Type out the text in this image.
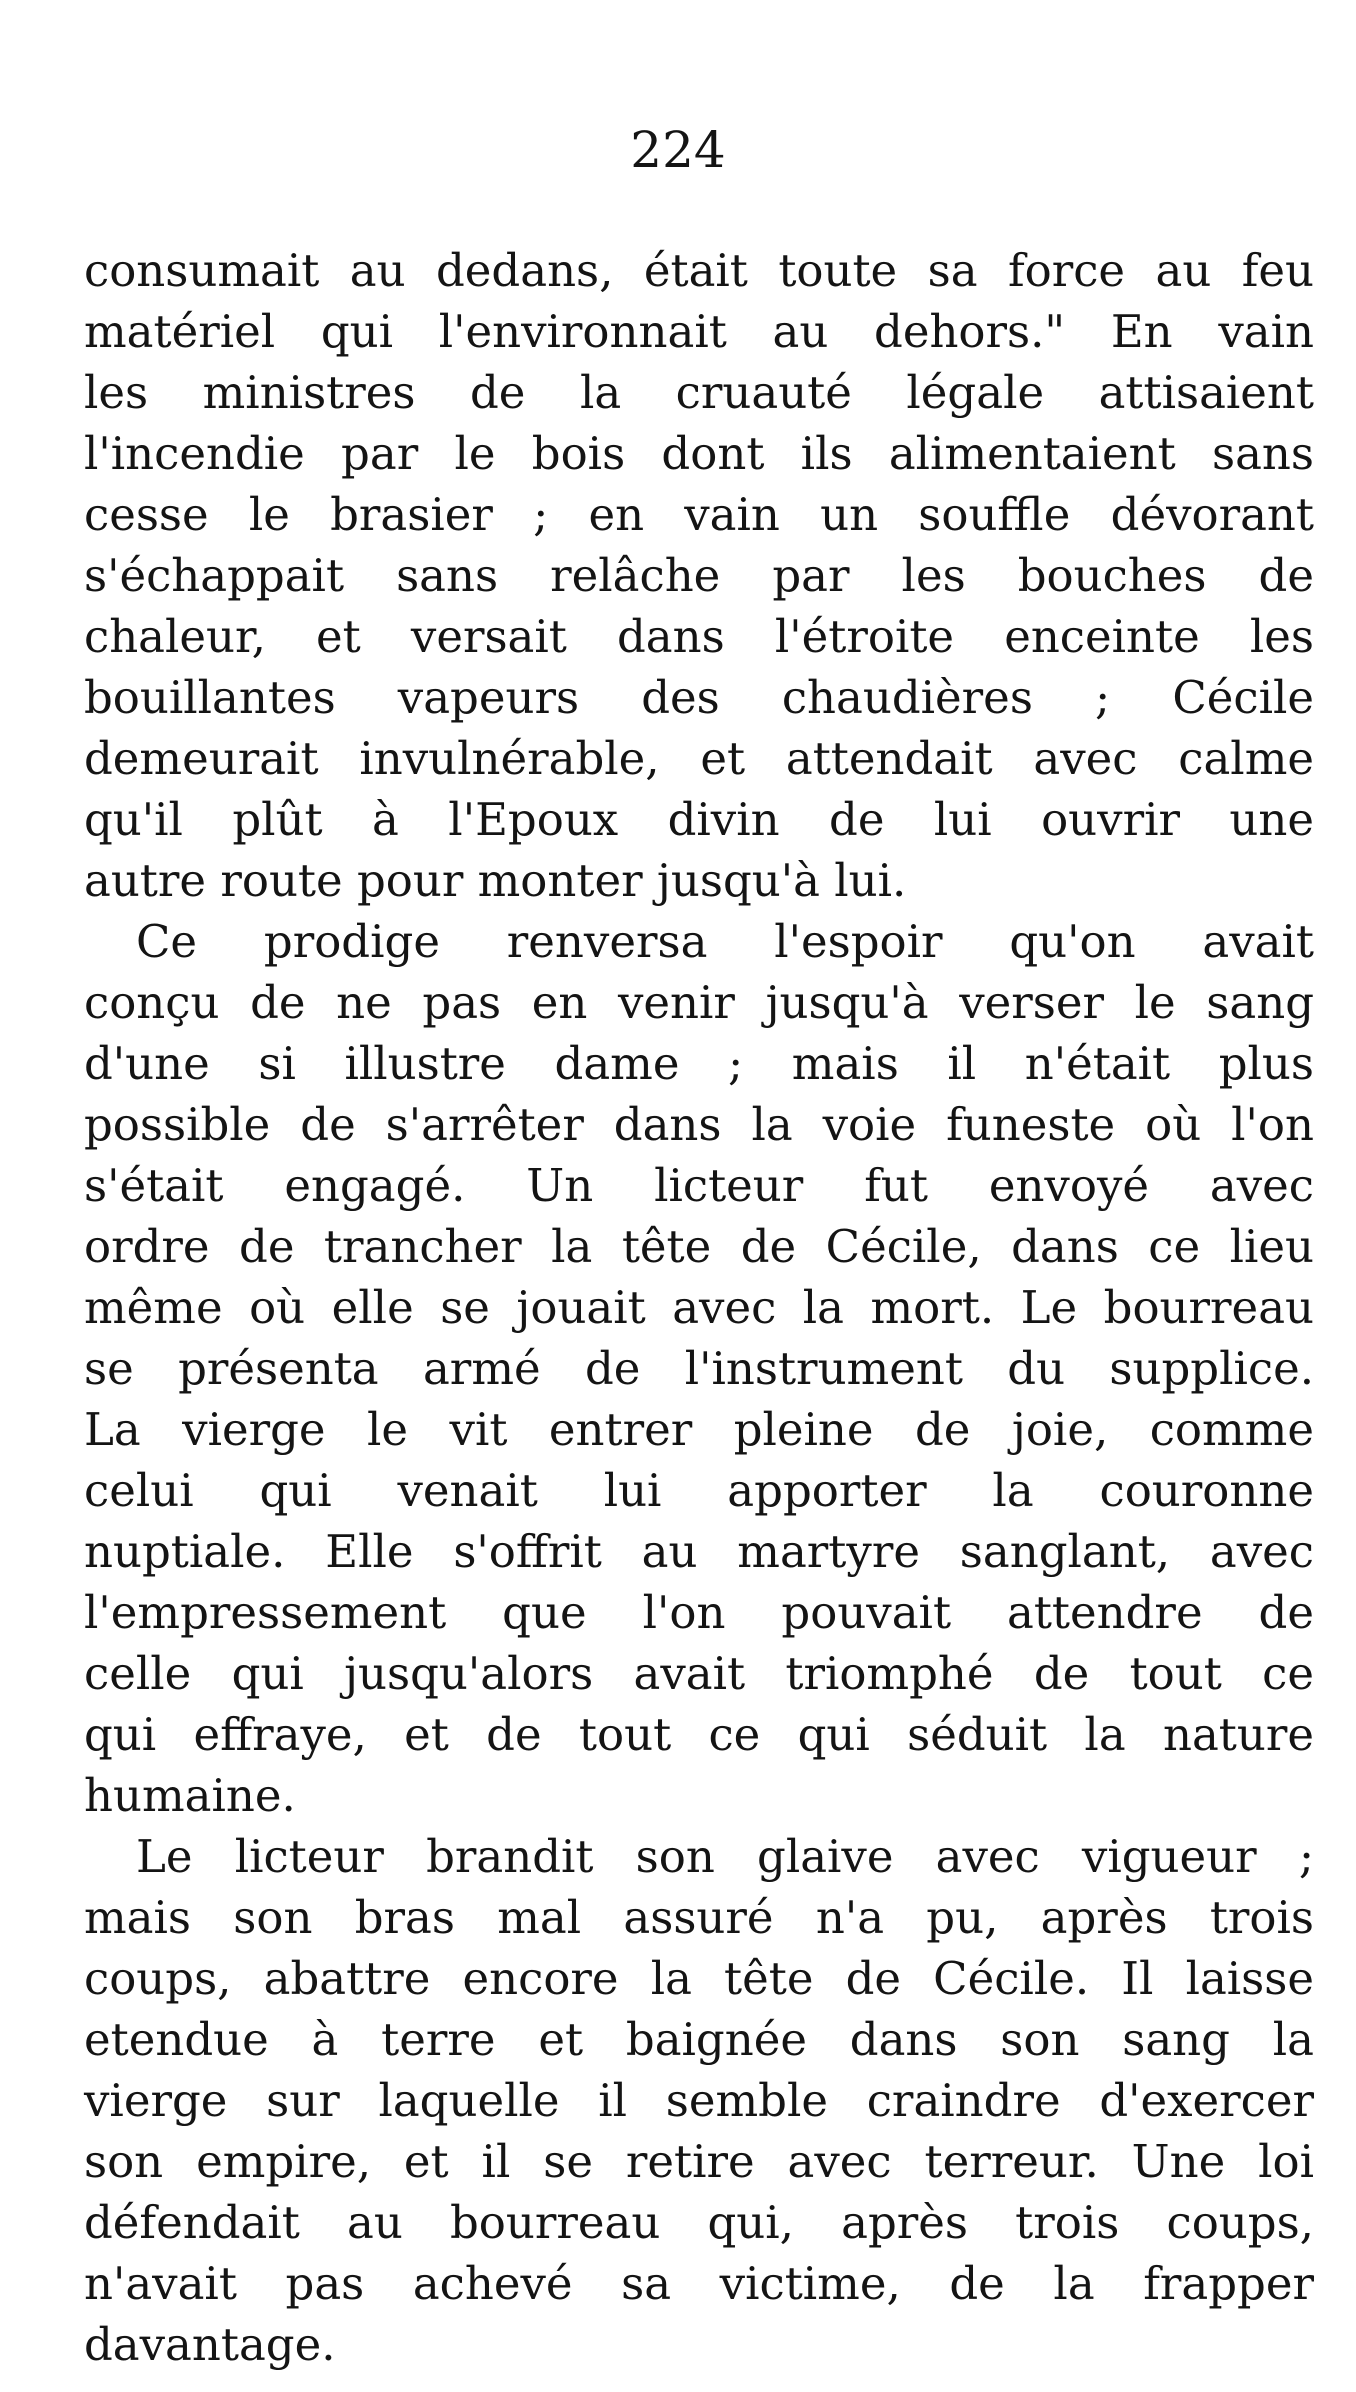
224
consumait au dedans, était toute sa force au feu
matériel qui l'environnait au dehors." En vain
les ministres de la cruauté légale attisaient
l'incendie par le bois dont ils alimentaient sans
cesse le brasier ; en vain un souffle dévorant
s'échappait sans relâche par les bouches de
chaleur, et versait dans l'étroite enceinte les
bouillantes vapeurs des chaudières ; Cécile
demeurait invulnérable, et attendait avec calme
qu'il plût à l'Epoux divin de lui ouvrir une
autre route pour monter jusqu'à lui.
Ce prodige renversa l'espoir qu'on avait
conçu de ne pas en venir jusqu'à verser le sang
d'une si illustre dame ; mais il n'était plus
possible de s'arrêter dans la voie funeste où l'on
s'était engagé. Un licteur fut envoyé avec
ordre de trancher la tête de Cécile, dans ce lieu
même où elle se jouait avec la mort. Le bourreau
se présenta armé de l'instrument du supplice.
La vierge le vit entrer pleine de joie, comme
celui qui venait lui apporter la couronne
nuptiale. Elle s'offrit au martyre sanglant, avec
l'empressement que l'on pouvait attendre de
celle qui jusqu'alors avait triomphé de tout ce
qui effraye, et de tout ce qui séduit la nature
humaine.
Le licteur brandit son glaive avec vigueur ;
mais son bras mal assuré n'a pu, après trois
coups, abattre encore la tête de Cécile. Il laisse
etendue à terre et baignée dans son sang la
vierge sur laquelle il semble craindre d'exercer
son empire, et il se retire avec terreur. Une loi
défendait au bourreau qui, après trois coups,
n'avait pas achevé sa victime, de la frapper
davantage.
